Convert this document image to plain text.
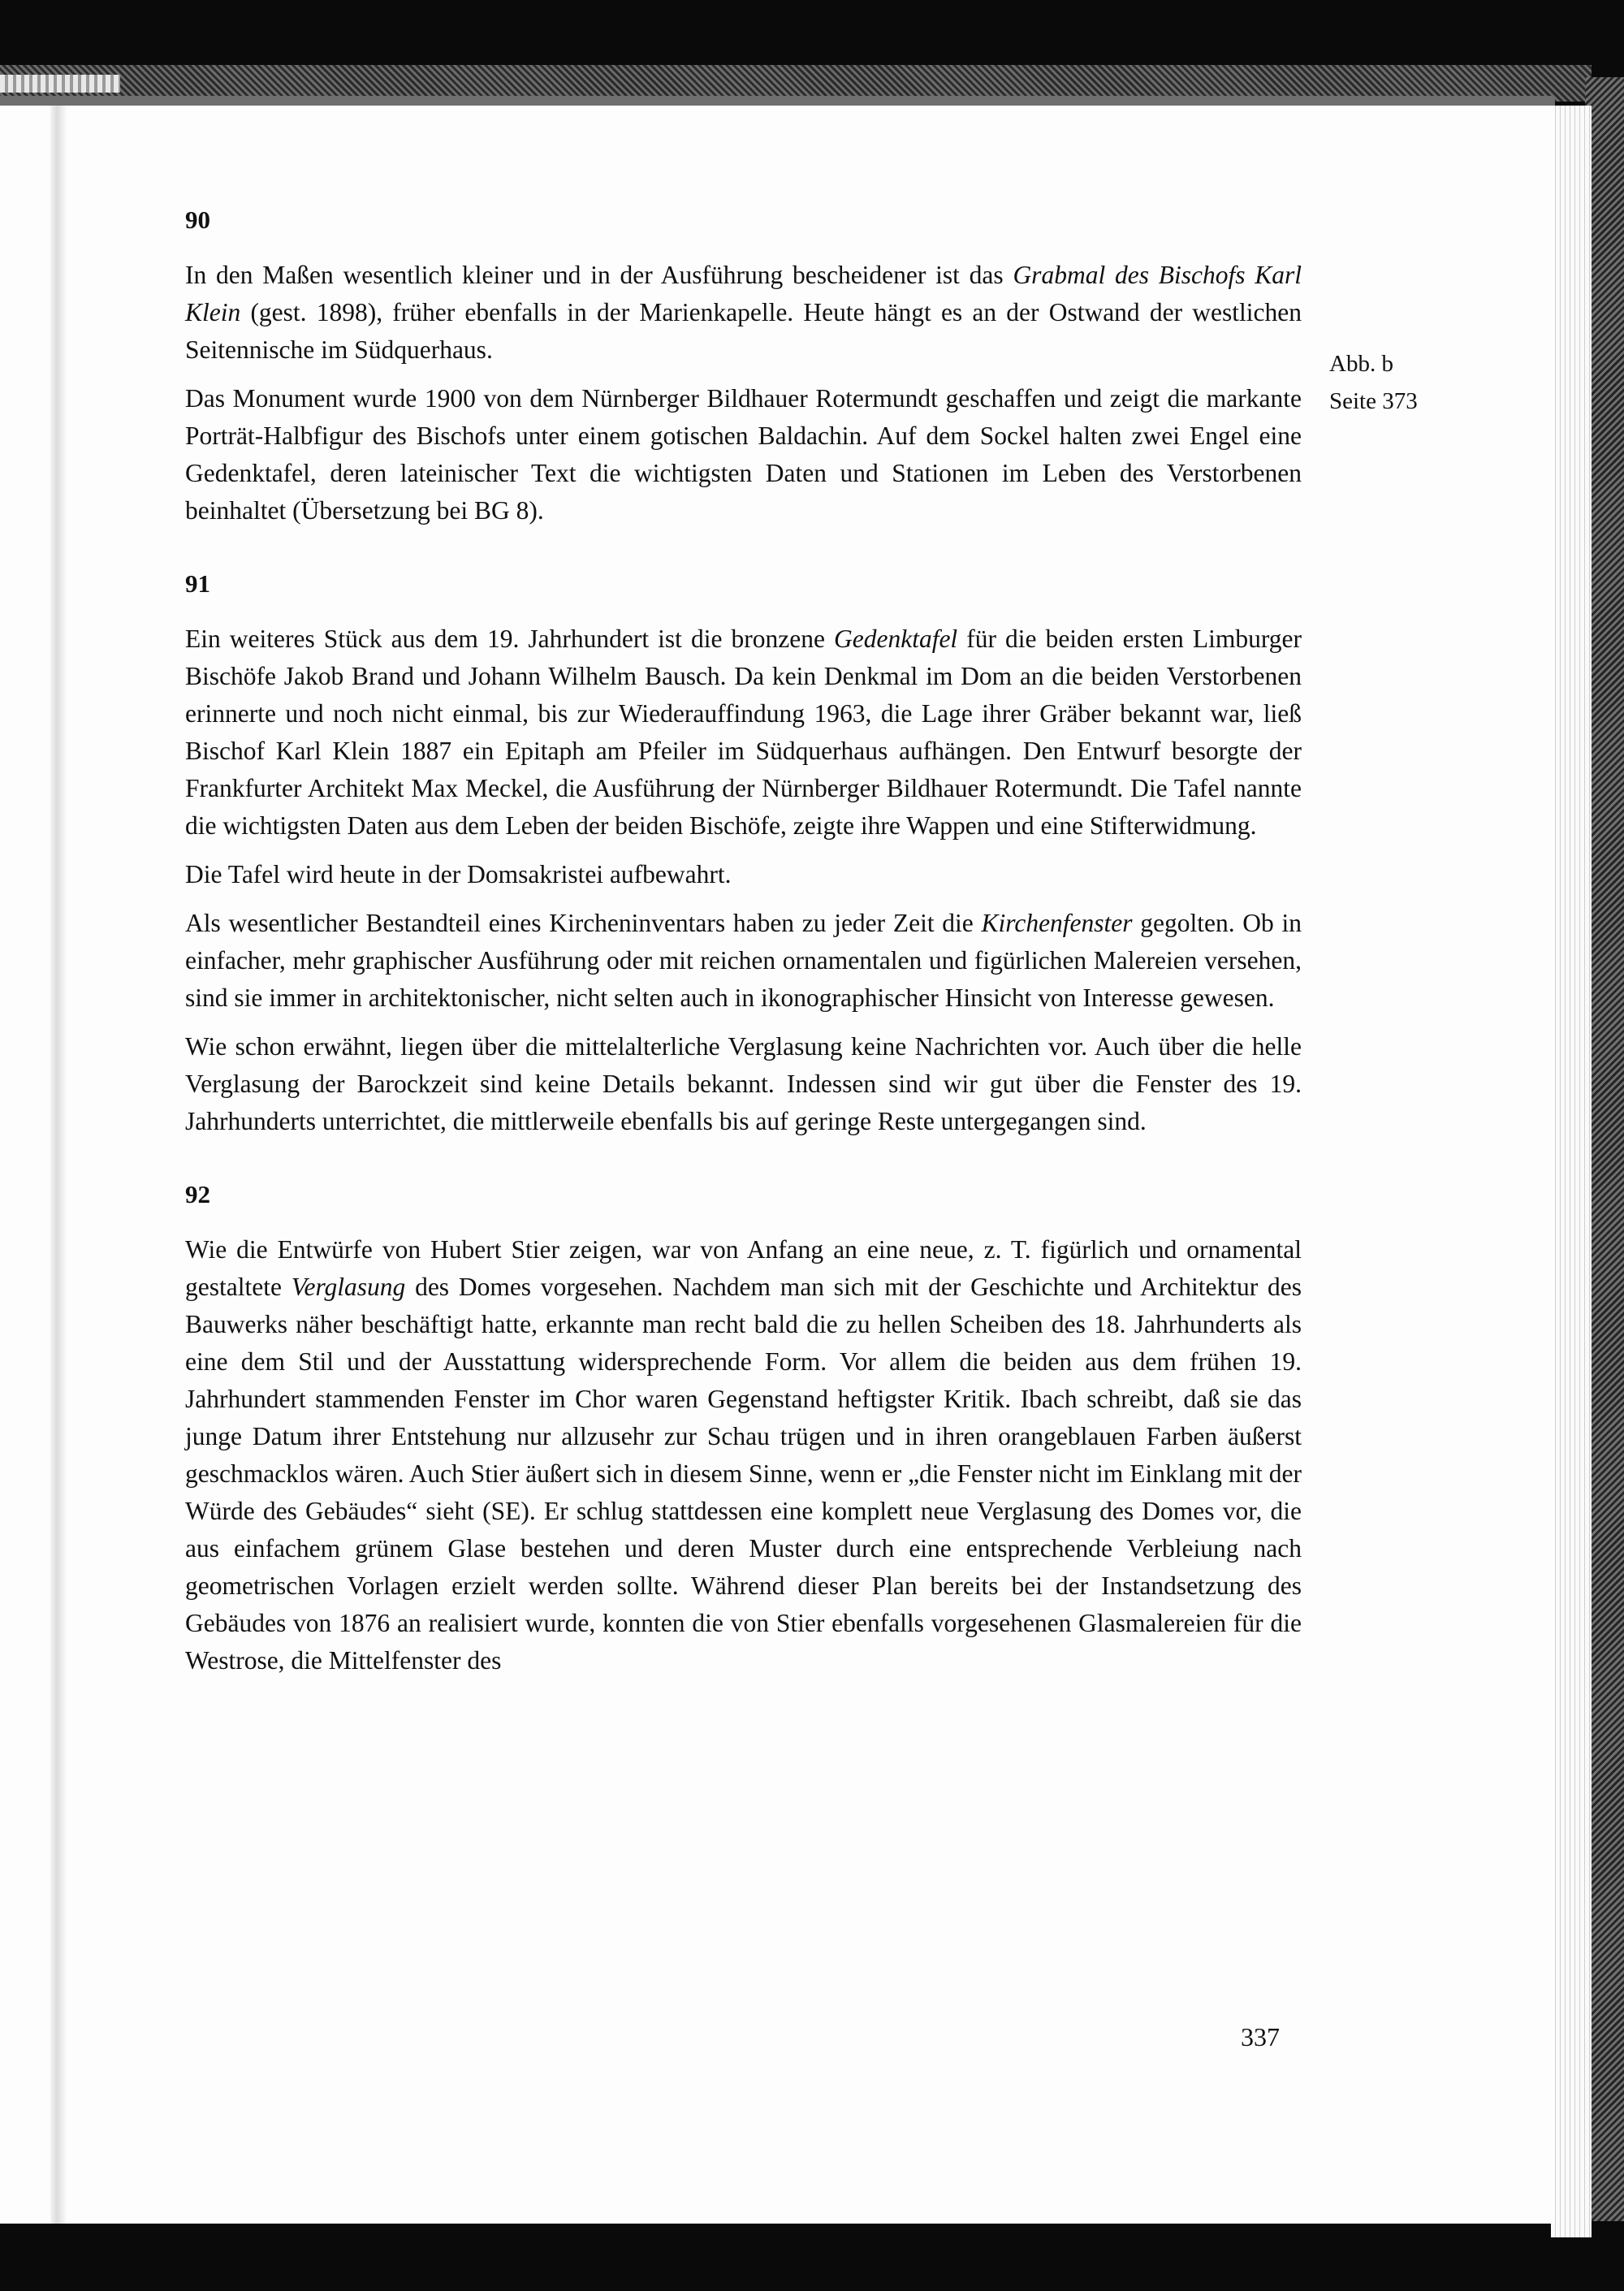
Abb. b
Seite 373
90

In den Maßen wesentlich kleiner und in der Ausführung bescheidener ist das Grabmal des Bischofs Karl Klein (gest. 1898), früher ebenfalls in der Marienkapelle. Heute hängt es an der Ostwand der westlichen Seitennische im Südquerhaus.

Das Monument wurde 1900 von dem Nürnberger Bildhauer Rotermundt geschaffen und zeigt die markante Porträt-Halbfigur des Bischofs unter einem gotischen Baldachin. Auf dem Sockel halten zwei Engel eine Gedenktafel, deren lateinischer Text die wichtigsten Daten und Stationen im Leben des Verstorbenen beinhaltet (Übersetzung bei BG 8).

91

Ein weiteres Stück aus dem 19. Jahrhundert ist die bronzene Gedenktafel für die beiden ersten Limburger Bischöfe Jakob Brand und Johann Wilhelm Bausch. Da kein Denkmal im Dom an die beiden Verstorbenen erinnerte und noch nicht einmal, bis zur Wiederauffindung 1963, die Lage ihrer Gräber bekannt war, ließ Bischof Karl Klein 1887 ein Epitaph am Pfeiler im Südquerhaus aufhängen. Den Entwurf besorgte der Frankfurter Architekt Max Meckel, die Ausführung der Nürnberger Bildhauer Rotermundt. Die Tafel nannte die wichtigsten Daten aus dem Leben der beiden Bischöfe, zeigte ihre Wappen und eine Stifterwidmung.

Die Tafel wird heute in der Domsakristei aufbewahrt.

Als wesentlicher Bestandteil eines Kircheninventars haben zu jeder Zeit die Kirchenfenster gegolten. Ob in einfacher, mehr graphischer Ausführung oder mit reichen ornamentalen und figürlichen Malereien versehen, sind sie immer in architektonischer, nicht selten auch in ikonographischer Hinsicht von Interesse gewesen.

Wie schon erwähnt, liegen über die mittelalterliche Verglasung keine Nachrichten vor. Auch über die helle Verglasung der Barockzeit sind keine Details bekannt. Indessen sind wir gut über die Fenster des 19. Jahrhunderts unterrichtet, die mittlerweile ebenfalls bis auf geringe Reste untergegangen sind.

92

Wie die Entwürfe von Hubert Stier zeigen, war von Anfang an eine neue, z. T. figürlich und ornamental gestaltete Verglasung des Domes vorgesehen. Nachdem man sich mit der Geschichte und Architektur des Bauwerks näher beschäftigt hatte, erkannte man recht bald die zu hellen Scheiben des 18. Jahrhunderts als eine dem Stil und der Ausstattung widersprechende Form. Vor allem die beiden aus dem frühen 19. Jahrhundert stammenden Fenster im Chor waren Gegenstand heftigster Kritik. Ibach schreibt, daß sie das junge Datum ihrer Entstehung nur allzusehr zur Schau trügen und in ihren orangeblauen Farben äußerst geschmacklos wären. Auch Stier äußert sich in diesem Sinne, wenn er „die Fenster nicht im Einklang mit der Würde des Gebäudes“ sieht (SE). Er schlug stattdessen eine komplett neue Verglasung des Domes vor, die aus einfachem grünem Glase bestehen und deren Muster durch eine entsprechende Verbleiung nach geometrischen Vorlagen erzielt werden sollte. Während dieser Plan bereits bei der Instandsetzung des Gebäudes von 1876 an realisiert wurde, konnten die von Stier ebenfalls vorgesehenen Glasmalereien für die Westrose, die Mittelfenster des

337
